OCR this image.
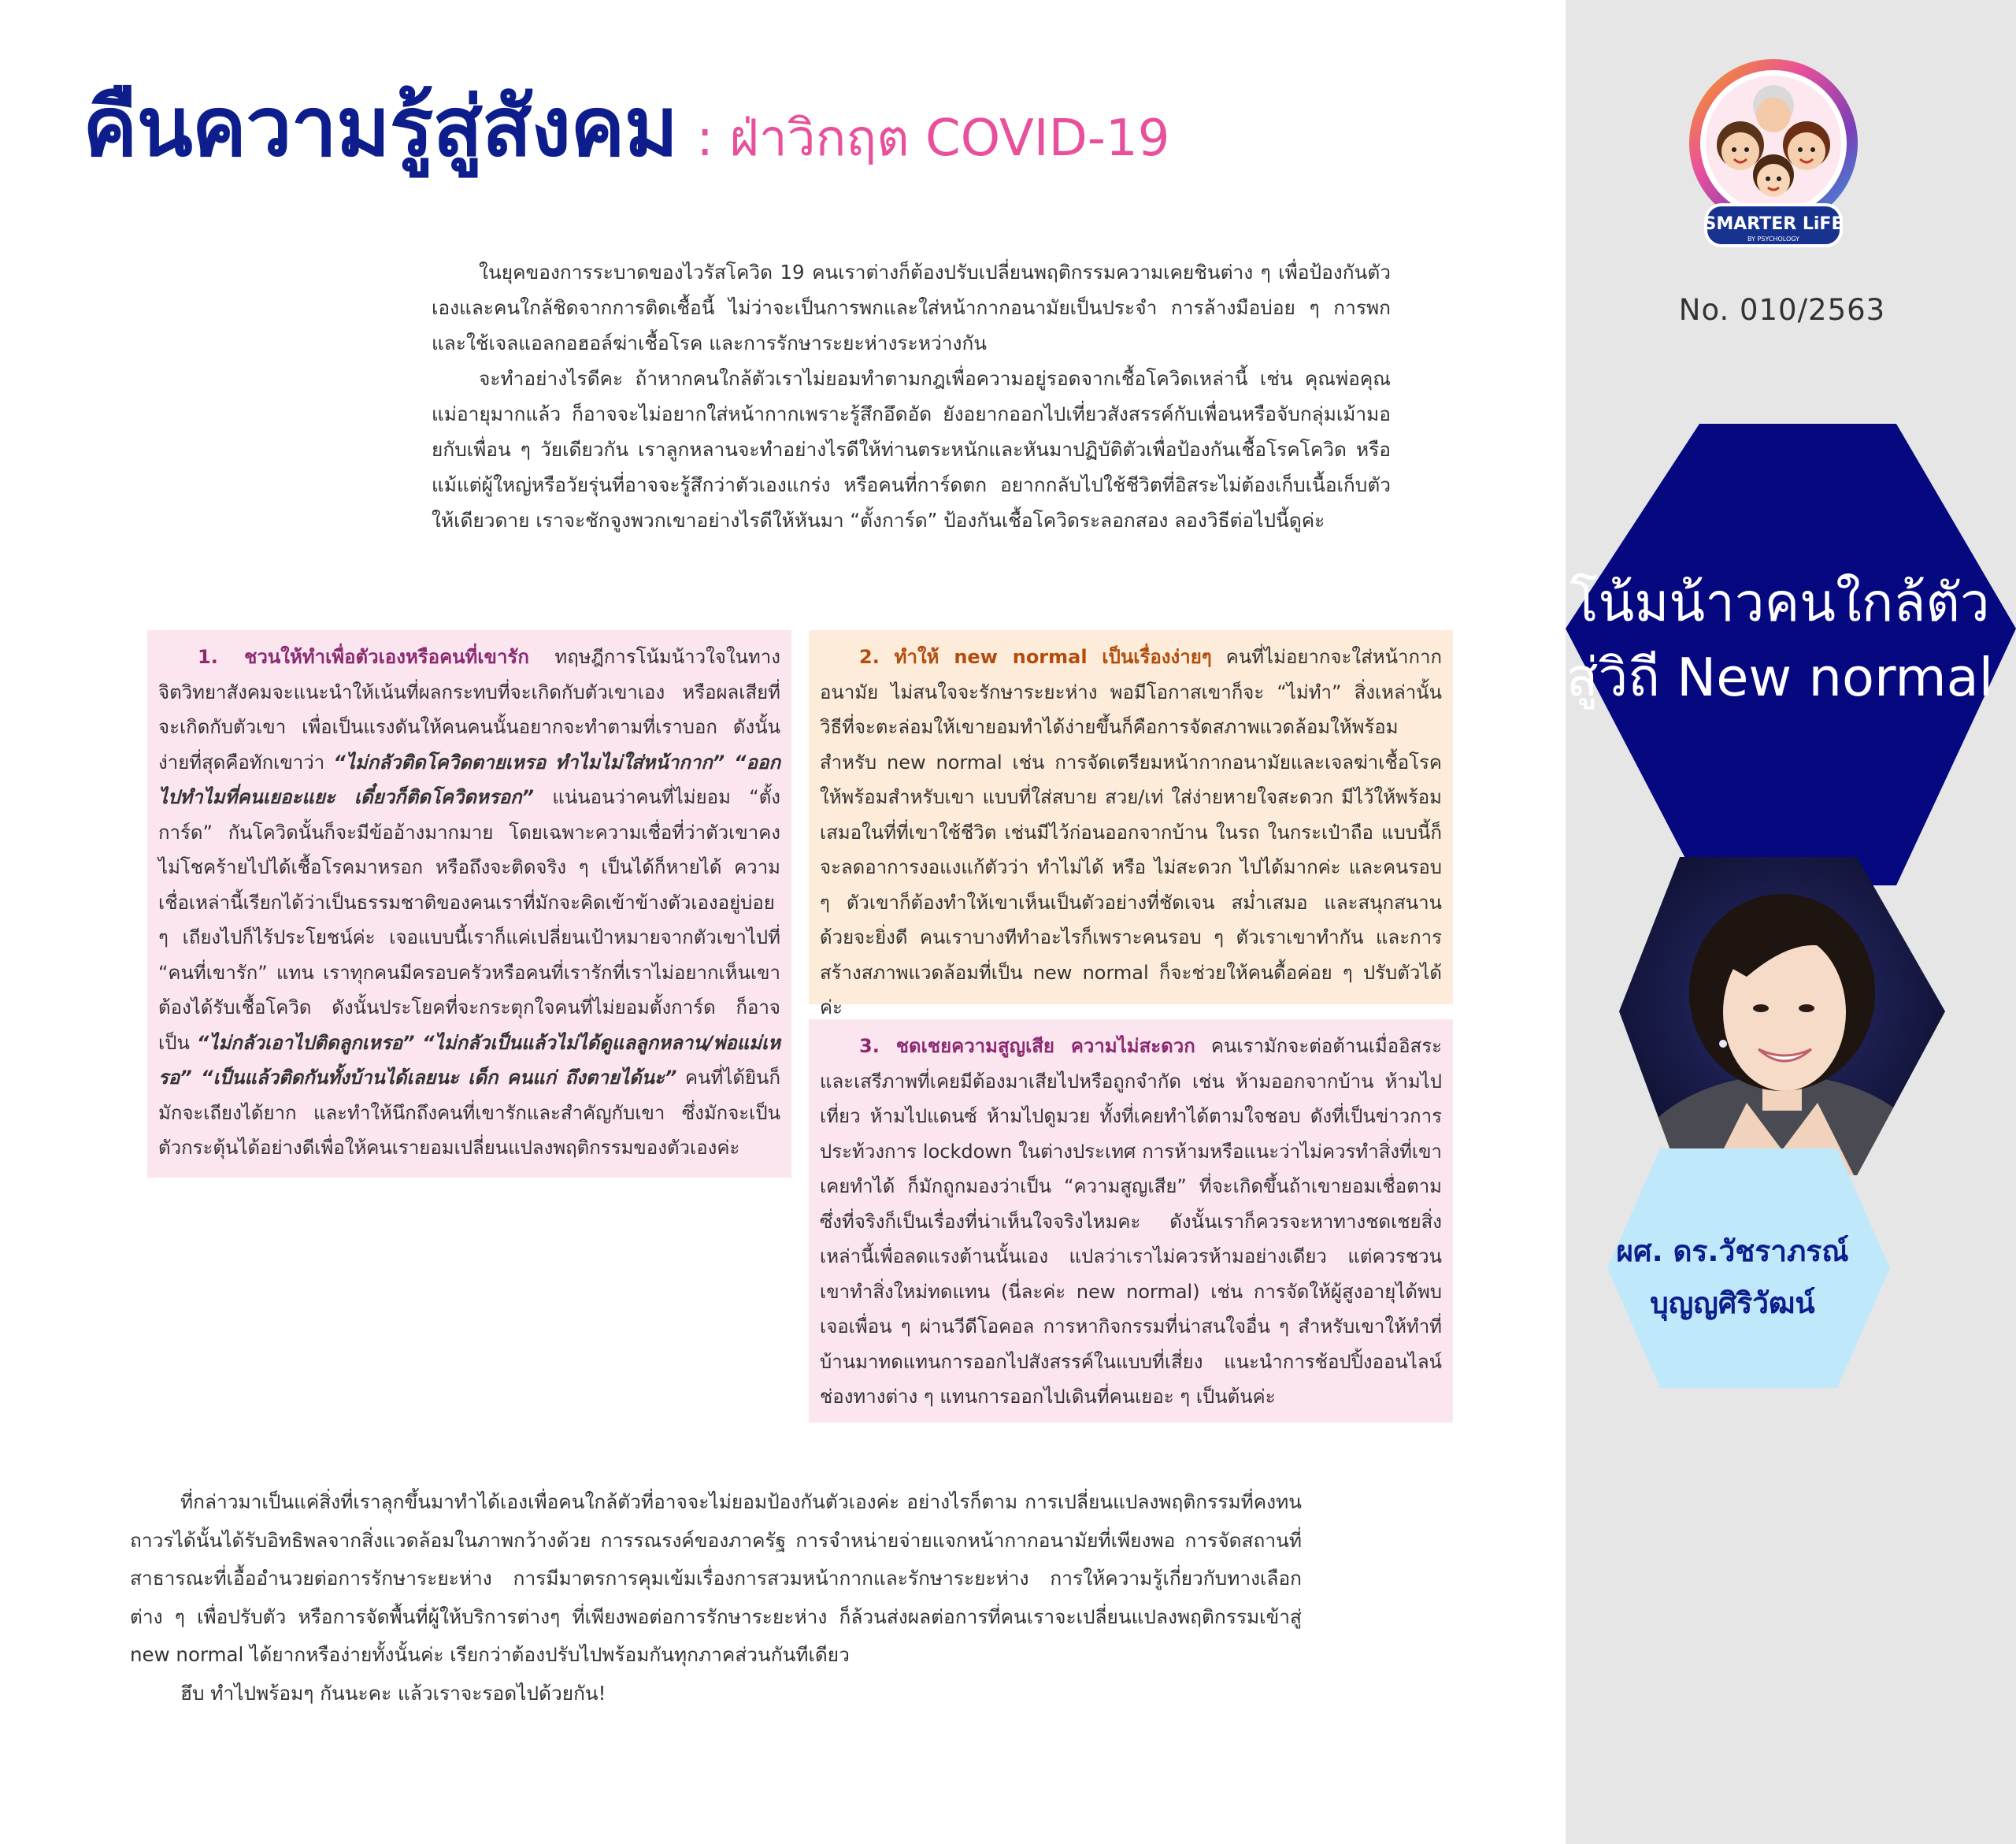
คืนความรู้สู่สังคม : ฝ่าวิกฤต COVID-19

ในยุคของการระบาดของไวรัสโควิด 19 คนเราต่างก็ต้องปรับเปลี่ยนพฤติกรรมความเคยชินต่าง ๆ เพื่อป้องกันตัวเองและคนใกล้ชิดจากการติดเชื้อนี้ ไม่ว่าจะเป็นการพกและใส่หน้ากากอนามัยเป็นประจำ การล้างมือบ่อย ๆ การพกและใช้เจลแอลกอฮอล์ฆ่าเชื้อโรค และการรักษาระยะห่างระหว่างกัน

จะทำอย่างไรดีคะ ถ้าหากคนใกล้ตัวเราไม่ยอมทำตามกฎเพื่อความอยู่รอดจากเชื้อโควิดเหล่านี้ เช่น คุณพ่อคุณแม่อายุมากแล้ว ก็อาจจะไม่อยากใส่หน้ากากเพราะรู้สึกอึดอัด ยังอยากออกไปเที่ยวสังสรรค์กับเพื่อนหรือจับกลุ่มเม้ามอยกับเพื่อน ๆ วัยเดียวกัน เราลูกหลานจะทำอย่างไรดีให้ท่านตระหนักและหันมาปฏิบัติตัวเพื่อป้องกันเชื้อโรคโควิด หรือแม้แต่ผู้ใหญ่หรือวัยรุ่นที่อาจจะรู้สึกว่าตัวเองแกร่ง หรือคนที่การ์ดตก อยากกลับไปใช้ชีวิตที่อิสระไม่ต้องเก็บเนื้อเก็บตัวให้เดียวดาย เราจะชักจูงพวกเขาอย่างไรดีให้หันมา “ตั้งการ์ด” ป้องกันเชื้อโควิดระลอกสอง ลองวิธีต่อไปนี้ดูค่ะ

1. ชวนให้ทำเพื่อตัวเองหรือคนที่เขารัก ทฤษฎีการโน้มน้าวใจในทางจิตวิทยาสังคมจะแนะนำให้เน้นที่ผลกระทบที่จะเกิดกับตัวเขาเอง หรือผลเสียที่จะเกิดกับตัวเขา เพื่อเป็นแรงดันให้คนคนนั้นอยากจะทำตามที่เราบอก ดังนั้นง่ายที่สุดคือทักเขาว่า “ไม่กลัวติดโควิดตายเหรอ ทำไมไม่ใส่หน้ากาก” “ออกไปทำไมที่คนเยอะแยะ เดี๋ยวก็ติดโควิดหรอก” แน่นอนว่าคนที่ไม่ยอม “ตั้งการ์ด” กันโควิดนั้นก็จะมีข้ออ้างมากมาย โดยเฉพาะความเชื่อที่ว่าตัวเขาคงไม่โชคร้ายไปได้เชื้อโรคมาหรอก หรือถึงจะติดจริง ๆ เป็นได้ก็หายได้ ความเชื่อเหล่านี้เรียกได้ว่าเป็นธรรมชาติของคนเราที่มักจะคิดเข้าข้างตัวเองอยู่บ่อย ๆ เถียงไปก็ไร้ประโยชน์ค่ะ เจอแบบนี้เราก็แค่เปลี่ยนเป้าหมายจากตัวเขาไปที่ “คนที่เขารัก” แทน เราทุกคนมีครอบครัวหรือคนที่เรารักที่เราไม่อยากเห็นเขาต้องได้รับเชื้อโควิด ดังนั้นประโยคที่จะกระตุกใจคนที่ไม่ยอมตั้งการ์ด ก็อาจเป็น “ไม่กลัวเอาไปติดลูกเหรอ” “ไม่กลัวเป็นแล้วไม่ได้ดูแลลูกหลาน/พ่อแม่เหรอ” “เป็นแล้วติดกันทั้งบ้านได้เลยนะ เด็ก คนแก่ ถึงตายได้นะ” คนที่ได้ยินก็มักจะเถียงได้ยาก และทำให้นึกถึงคนที่เขารักและสำคัญกับเขา ซึ่งมักจะเป็นตัวกระตุ้นได้อย่างดีเพื่อให้คนเรายอมเปลี่ยนแปลงพฤติกรรมของตัวเองค่ะ

2. ทำให้ new normal เป็นเรื่องง่ายๆ คนที่ไม่อยากจะใส่หน้ากากอนามัย ไม่สนใจจะรักษาระยะห่าง พอมีโอกาสเขาก็จะ “ไม่ทำ” สิ่งเหล่านั้น วิธีที่จะตะล่อมให้เขายอมทำได้ง่ายขึ้นก็คือการจัดสภาพแวดล้อมให้พร้อมสำหรับ new normal เช่น การจัดเตรียมหน้ากากอนามัยและเจลฆ่าเชื้อโรคให้พร้อมสำหรับเขา แบบที่ใส่สบาย สวย/เท่ ใส่ง่ายหายใจสะดวก มีไว้ให้พร้อมเสมอในที่ที่เขาใช้ชีวิต เช่นมีไว้ก่อนออกจากบ้าน ในรถ ในกระเป๋าถือ แบบนี้ก็จะลดอาการงอแงแก้ตัวว่า ทำไม่ได้ หรือ ไม่สะดวก ไปได้มากค่ะ และคนรอบ ๆ ตัวเขาก็ต้องทำให้เขาเห็นเป็นตัวอย่างที่ชัดเจน สม่ำเสมอ และสนุกสนานด้วยจะยิ่งดี คนเราบางทีทำอะไรก็เพราะคนรอบ ๆ ตัวเราเขาทำกัน และการสร้างสภาพแวดล้อมที่เป็น new normal ก็จะช่วยให้คนดื้อค่อย ๆ ปรับตัวได้ค่ะ

3. ชดเชยความสูญเสีย ความไม่สะดวก คนเรามักจะต่อต้านเมื่ออิสระและเสรีภาพที่เคยมีต้องมาเสียไปหรือถูกจำกัด เช่น ห้ามออกจากบ้าน ห้ามไปเที่ยว ห้ามไปแดนซ์ ห้ามไปดูมวย ทั้งที่เคยทำได้ตามใจชอบ ดังที่เป็นข่าวการประท้วงการ lockdown ในต่างประเทศ การห้ามหรือแนะว่าไม่ควรทำสิ่งที่เขาเคยทำได้ ก็มักถูกมองว่าเป็น “ความสูญเสีย” ที่จะเกิดขึ้นถ้าเขายอมเชื่อตาม ซึ่งที่จริงก็เป็นเรื่องที่น่าเห็นใจจริงไหมคะ ดังนั้นเราก็ควรจะหาทางชดเชยสิ่งเหล่านี้เพื่อลดแรงต้านนั้นเอง แปลว่าเราไม่ควรห้ามอย่างเดียว แต่ควรชวนเขาทำสิ่งใหม่ทดแทน (นี่ละค่ะ new normal) เช่น การจัดให้ผู้สูงอายุได้พบเจอเพื่อน ๆ ผ่านวีดีโอคอล การหากิจกรรมที่น่าสนใจอื่น ๆ สำหรับเขาให้ทำที่บ้านมาทดแทนการออกไปสังสรรค์ในแบบที่เสี่ยง แนะนำการช้อปปิ้งออนไลน์ช่องทางต่าง ๆ แทนการออกไปเดินที่คนเยอะ ๆ เป็นต้นค่ะ

ที่กล่าวมาเป็นแค่สิ่งที่เราลุกขึ้นมาทำได้เองเพื่อคนใกล้ตัวที่อาจจะไม่ยอมป้องกันตัวเองค่ะ อย่างไรก็ตาม การเปลี่ยนแปลงพฤติกรรมที่คงทนถาวรได้นั้นได้รับอิทธิพลจากสิ่งแวดล้อมในภาพกว้างด้วย การรณรงค์ของภาครัฐ การจำหน่ายจ่ายแจกหน้ากากอนามัยที่เพียงพอ การจัดสถานที่สาธารณะที่เอื้ออำนวยต่อการรักษาระยะห่าง การมีมาตรการคุมเข้มเรื่องการสวมหน้ากากและรักษาระยะห่าง การให้ความรู้เกี่ยวกับทางเลือกต่าง ๆ เพื่อปรับตัว หรือการจัดพื้นที่ผู้ให้บริการต่างๆ ที่เพียงพอต่อการรักษาระยะห่าง ก็ล้วนส่งผลต่อการที่คนเราจะเปลี่ยนแปลงพฤติกรรมเข้าสู่ new normal ได้ยากหรือง่ายทั้งนั้นค่ะ เรียกว่าต้องปรับไปพร้อมกันทุกภาคส่วนกันทีเดียว

ฮึบ ทำไปพร้อมๆ กันนะคะ แล้วเราจะรอดไปด้วยกัน!

SMARTER LiFE
BY PSYCHOLOGY
No. 010/2563
โน้มน้าวคนใกล้ตัว
สู่วิถี New normal
ผศ. ดร.วัชราภรณ์
บุญญศิริวัฒน์
